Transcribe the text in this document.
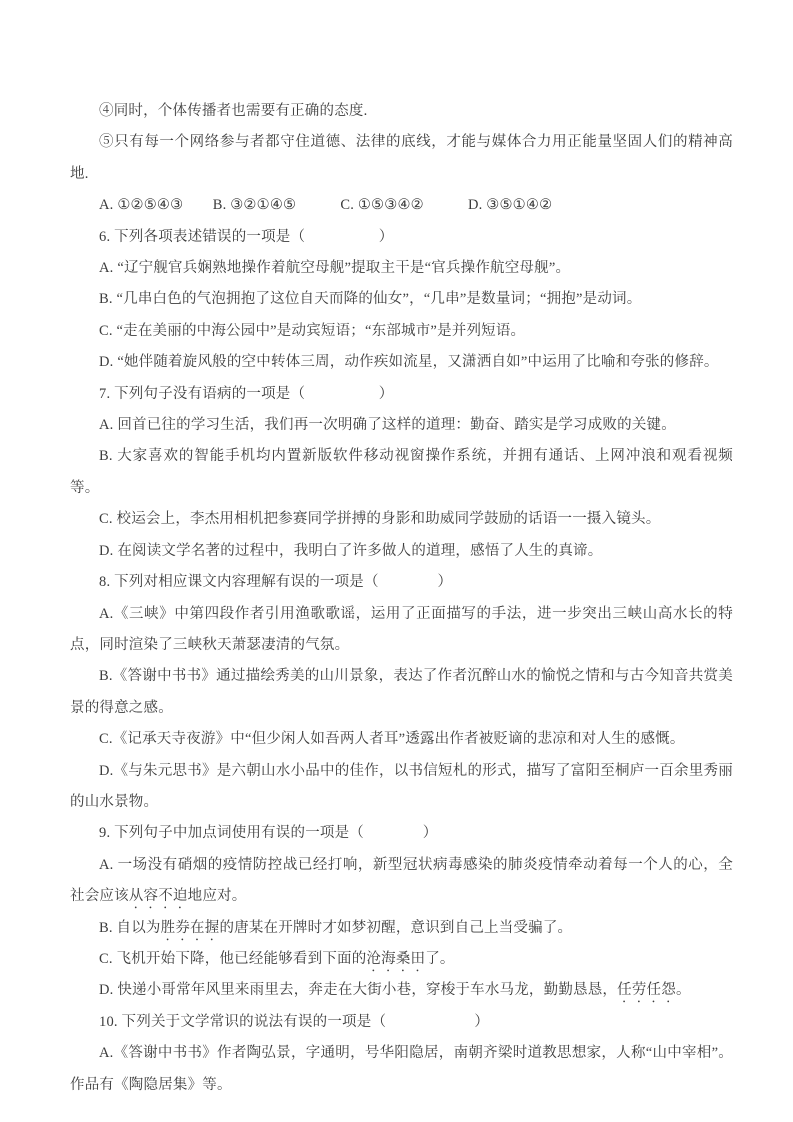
④同时，个体传播者也需要有正确的态度.

⑤只有每一个网络参与者都守住道德、法律的底线，才能与媒体合力用正能量坚固人们的精神高地.

A. ①②⑤④③　　B. ③②①④⑤　　　C. ①⑤③④②　　　D. ③⑤①④②

6. 下列各项表述错误的一项是（　　　　　）

A. “辽宁舰官兵娴熟地操作着航空母舰”提取主干是“官兵操作航空母舰”。

B. “几串白色的气泡拥抱了这位自天而降的仙女”，“几串”是数量词；“拥抱”是动词。

C. “走在美丽的中海公园中”是动宾短语；“东部城市”是并列短语。

D. “她伴随着旋风般的空中转体三周，动作疾如流星，又潇洒自如”中运用了比喻和夸张的修辞。

7. 下列句子没有语病的一项是（　　　　　）

A. 回首已往的学习生活，我们再一次明确了这样的道理：勤奋、踏实是学习成败的关键。

B. 大家喜欢的智能手机均内置新版软件移动视窗操作系统，并拥有通话、上网冲浪和观看视频等。

C. 校运会上，李杰用相机把参赛同学拼搏的身影和助威同学鼓励的话语一一摄入镜头。

D. 在阅读文学名著的过程中，我明白了许多做人的道理，感悟了人生的真谛。

8. 下列对相应课文内容理解有误的一项是（　　　　）

A.《三峡》中第四段作者引用渔歌歌谣，运用了正面描写的手法，进一步突出三峡山高水长的特点，同时渲染了三峡秋天萧瑟凄清的气氛。

B.《答谢中书书》通过描绘秀美的山川景象，表达了作者沉醉山水的愉悦之情和与古今知音共赏美景的得意之感。

C.《记承天寺夜游》中“但少闲人如吾两人者耳”透露出作者被贬谪的悲凉和对人生的感慨。

D.《与朱元思书》是六朝山水小品中的佳作，以书信短札的形式，描写了富阳至桐庐一百余里秀丽的山水景物。

9. 下列句子中加点词使用有误的一项是（　　　　）

A. 一场没有硝烟的疫情防控战已经打响，新型冠状病毒感染的肺炎疫情牵动着每一个人的心，全社会应该从容不迫地应对。

B. 自以为胜券在握的唐某在开牌时才如梦初醒，意识到自己上当受骗了。

C. 飞机开始下降，他已经能够看到下面的沧海桑田了。

D. 快递小哥常年风里来雨里去，奔走在大街小巷，穿梭于车水马龙，勤勤恳恳，任劳任怨。

10. 下列关于文学常识的说法有误的一项是（　　　　　　）

A.《答谢中书书》作者陶弘景，字通明，号华阳隐居，南朝齐梁时道教思想家，人称“山中宰相”。作品有《陶隐居集》等。
